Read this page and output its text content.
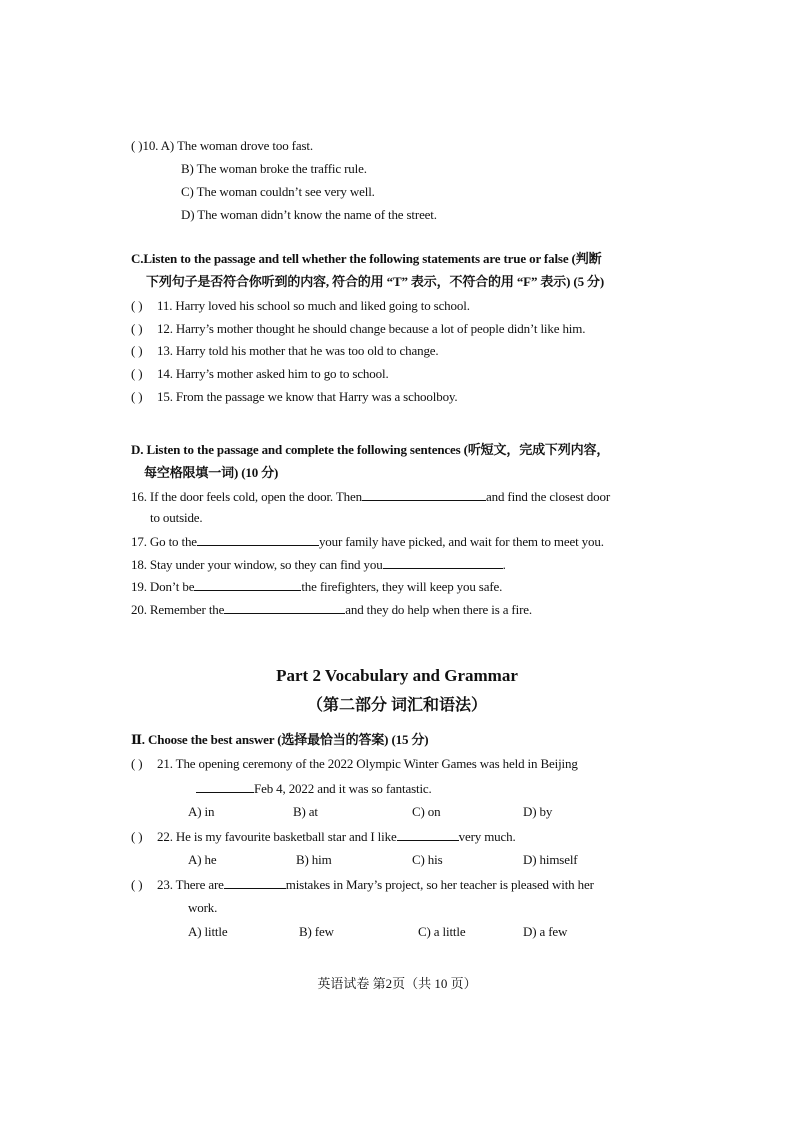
( )10. A) The woman drove too fast.
B) The woman broke the traffic rule.
C) The woman couldn’t see very well.
D) The woman didn’t know the name of the street.
C.Listen to the passage and tell whether the following statements are true or false (判断
下列句子是否符合你听到的内容, 符合的用 “T” 表示，不符合的用 “F” 表示) (5 分)
( ) 11. Harry loved his school so much and liked going to school.
( ) 12. Harry’s mother thought he should change because a lot of people didn’t like him.
( ) 13. Harry told his mother that he was too old to change.
( ) 14. Harry’s mother asked him to go to school.
( ) 15. From the passage we know that Harry was a schoolboy.
D. Listen to the passage and complete the following sentences (听短文，完成下列内容，
每空格限填一词) (10 分)
16. If the door feels cold, open the door. Then	and find the closest door
to outside.
17. Go to the	your family have picked, and wait for them to meet you.
18. Stay under your window, so they can find you	.
19. Don’t be	the firefighters, they will keep you safe.
20. Remember the	and they do help when there is a fire.
Part 2 Vocabulary and Grammar
（第二部分 词汇和语法）
Ⅱ. Choose the best answer (选择最恰当的答案) (15 分)
( ) 21. The opening ceremony of the 2022 Olympic Winter Games was held in Beijing
Feb 4, 2022 and it was so fantastic.
A) in	B) at	C) on	D) by
( ) 22. He is my favourite basketball star and I like	very much.
A) he	B) him	C) his	D) himself
( ) 23. There are	mistakes in Mary’s project, so her teacher is pleased with her
work.
A) little	B) few	C) a little	D) a few
英语试卷 第2页（共 10 页）
